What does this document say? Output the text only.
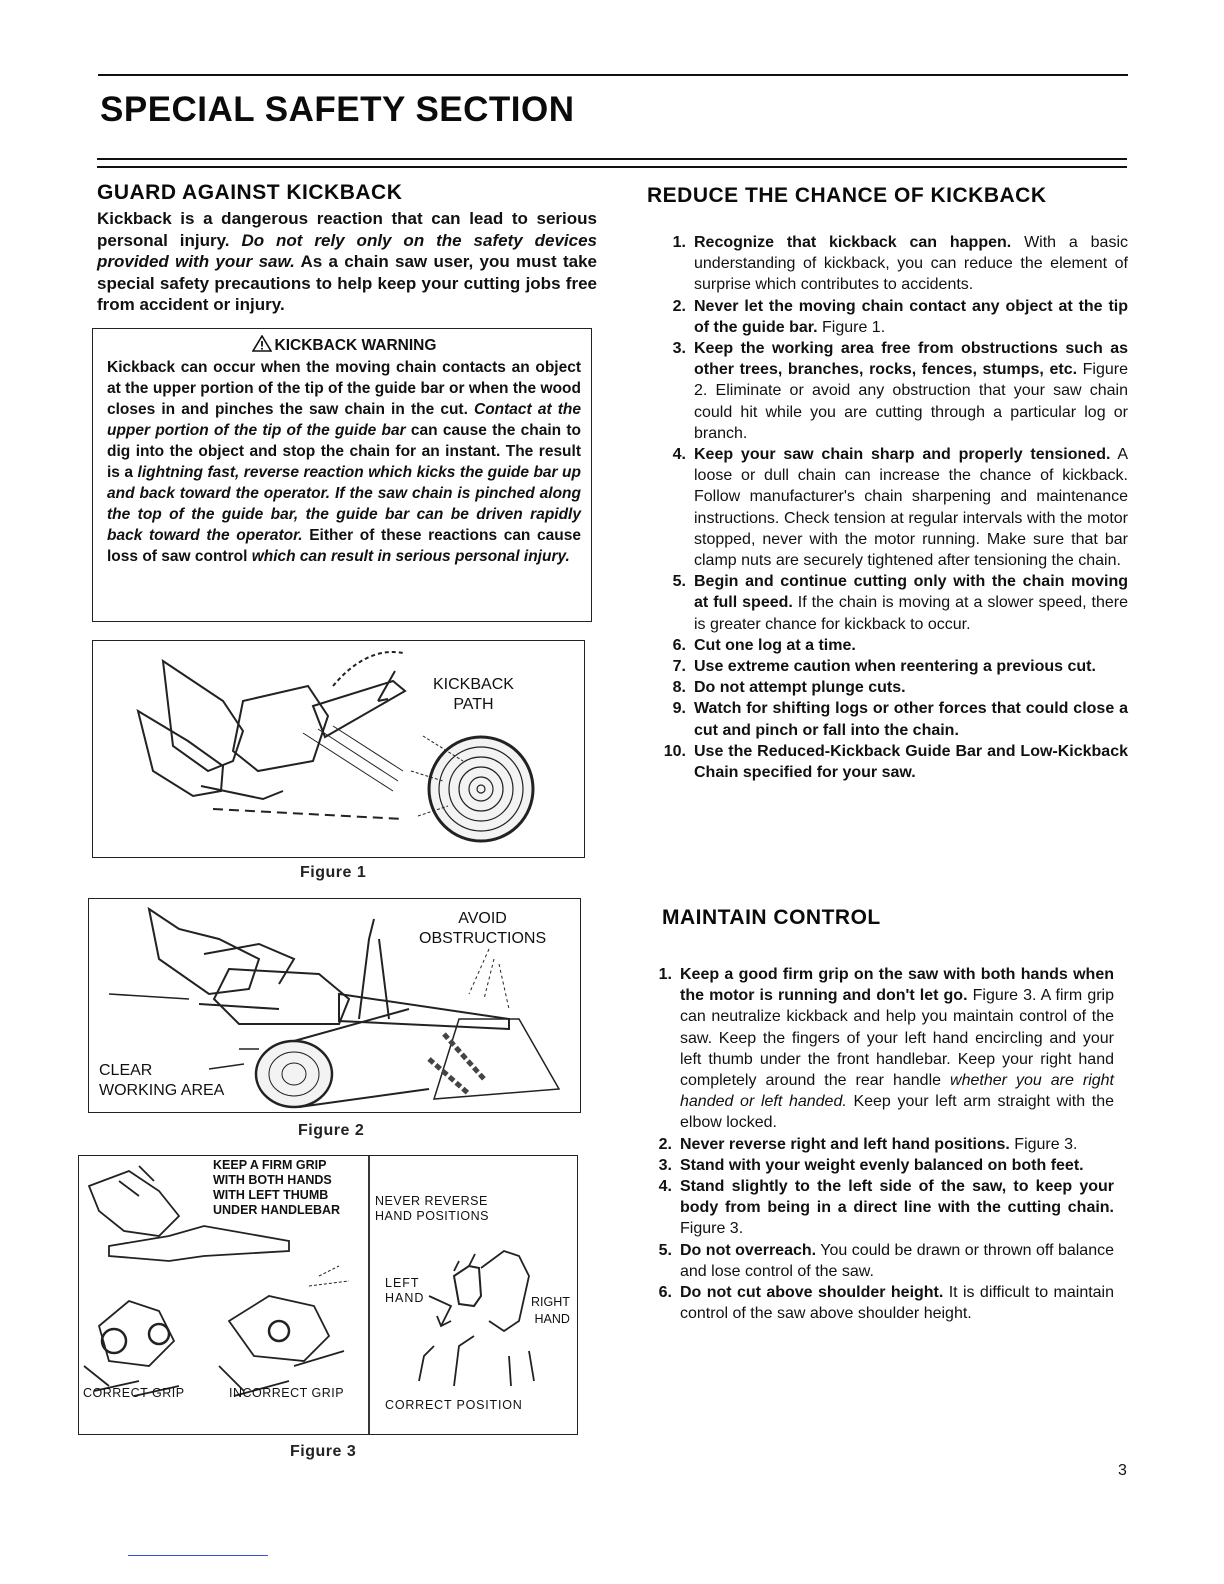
SPECIAL SAFETY SECTION
GUARD AGAINST KICKBACK

Kickback is a dangerous reaction that can lead to serious personal injury. Do not rely only on the safety devices provided with your saw. As a chain saw user, you must take special safety precautions to help keep your cutting jobs free from accident or injury.

KICKBACK WARNING

Kickback can occur when the moving chain contacts an object at the upper portion of the tip of the guide bar or when the wood closes in and pinches the saw chain in the cut. Contact at the upper portion of the tip of the guide bar can cause the chain to dig into the object and stop the chain for an instant. The result is a lightning fast, reverse reaction which kicks the guide bar up and back toward the operator. If the saw chain is pinched along the top of the guide bar, the guide bar can be driven rapidly back toward the operator. Either of these reactions can cause loss of saw control which can result in serious personal injury.

KICKBACK
PATH
Figure 1
AVOID
OBSTRUCTIONS
CLEAR
WORKING AREA
Figure 2
KEEP A FIRM GRIP
WITH BOTH HANDS
WITH LEFT THUMB
UNDER HANDLEBAR
NEVER REVERSE
HAND POSITIONS
LEFT
HAND	RIGHT
HAND
CORRECT GRIP	INCORRECT GRIP
CORRECT POSITION
Figure 3
REDUCE THE CHANCE OF KICKBACK
1. Recognize that kickback can happen. With a basic understanding of kickback, you can reduce the element of surprise which contributes to accidents.
2. Never let the moving chain contact any object at the tip of the guide bar. Figure 1.
3. Keep the working area free from obstructions such as other trees, branches, rocks, fences, stumps, etc. Figure 2. Eliminate or avoid any obstruction that your saw chain could hit while you are cutting through a particular log or branch.
4. Keep your saw chain sharp and properly tensioned. A loose or dull chain can increase the chance of kickback. Follow manufacturer's chain sharpening and maintenance instructions. Check tension at regular intervals with the motor stopped, never with the motor running. Make sure that bar clamp nuts are securely tightened after tensioning the chain.
5. Begin and continue cutting only with the chain moving at full speed. If the chain is moving at a slower speed, there is greater chance for kickback to occur.
6. Cut one log at a time.
7. Use extreme caution when reentering a previous cut.
8. Do not attempt plunge cuts.
9. Watch for shifting logs or other forces that could close a cut and pinch or fall into the chain.
10. Use the Reduced-Kickback Guide Bar and Low-Kickback Chain specified for your saw.
MAINTAIN CONTROL
1. Keep a good firm grip on the saw with both hands when the motor is running and don't let go. Figure 3. A firm grip can neutralize kickback and help you maintain control of the saw. Keep the fingers of your left hand encircling and your left thumb under the front handlebar. Keep your right hand completely around the rear handle whether you are right handed or left handed. Keep your left arm straight with the elbow locked.
2. Never reverse right and left hand positions. Figure 3.
3. Stand with your weight evenly balanced on both feet.
4. Stand slightly to the left side of the saw, to keep your body from being in a direct line with the cutting chain. Figure 3.
5. Do not overreach. You could be drawn or thrown off balance and lose control of the saw.
6. Do not cut above shoulder height. It is difficult to maintain control of the saw above shoulder height.
3
